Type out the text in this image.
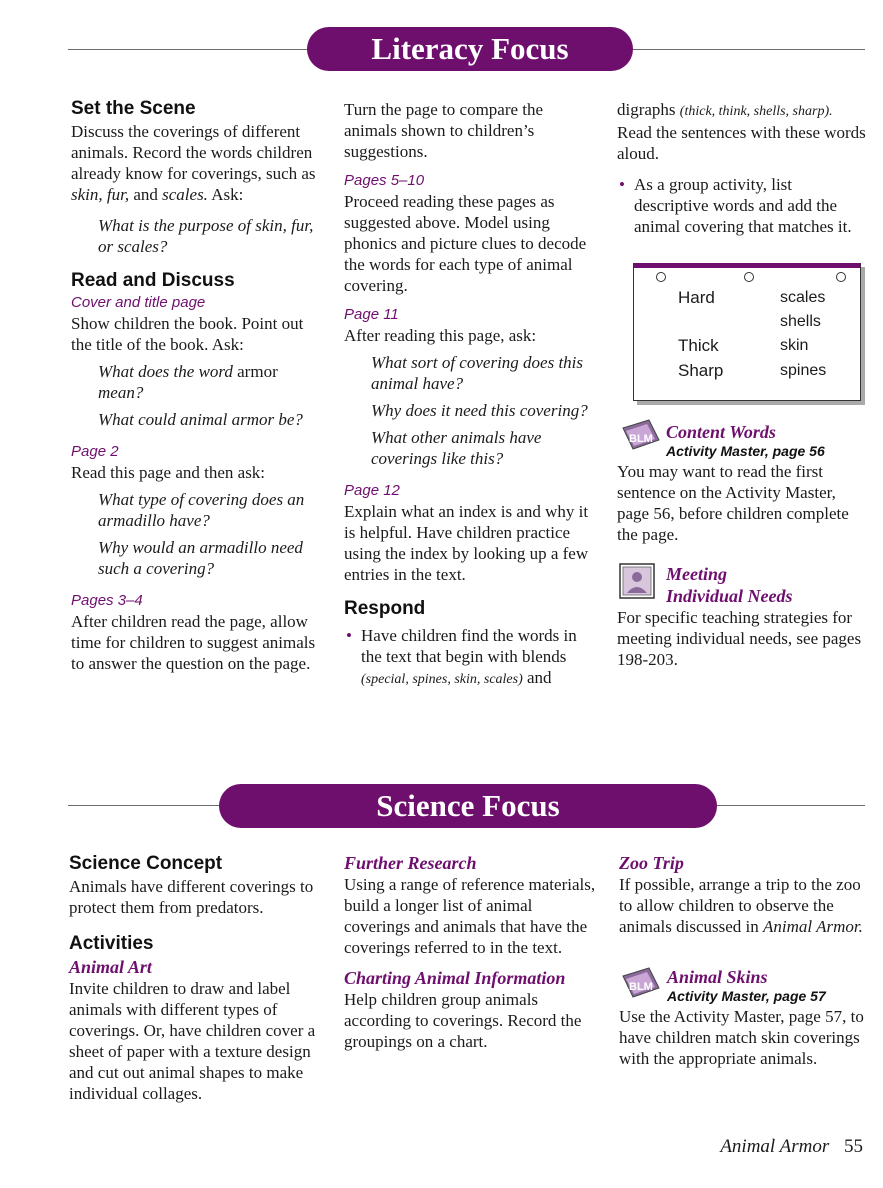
Literacy Focus
Set the Scene

Discuss the coverings of different animals. Record the words children already know for coverings, such as skin, fur, and scales. Ask:

What is the purpose of skin, fur, or scales?

Read and Discuss

Cover and title page

Show children the book. Point out the title of the book. Ask:

What does the word armor mean?

What could animal armor be?

Page 2

Read this page and then ask:

What type of covering does an armadillo have?

Why would an armadillo need such a covering?

Pages 3–4

After children read the page, allow time for children to suggest animals to answer the question on the page.

Turn the page to compare the animals shown to children’s suggestions.

Pages 5–10

Proceed reading these pages as suggested above. Model using phonics and picture clues to decode the words for each type of animal covering.

Page 11

After reading this page, ask:

What sort of covering does this animal have?

Why does it need this covering?

What other animals have coverings like this?

Page 12

Explain what an index is and why it is helpful. Have children practice using the index by looking up a few entries in the text.

Respond

• Have children find the words in the text that begin with blends (special, spines, skin, scales) and

digraphs (thick, think, shells, sharp). Read the sentences with these words aloud.

• As a group activity, list descriptive words and add the animal covering that matches it.

Hard
Thick
Sharp
scales
shells
skin
spines
BLM Content Words
Activity Master, page 56

You may want to read the first sentence on the Activity Master, page 56, before children complete the page.

Meeting
Individual Needs

For specific teaching strategies for meeting individual needs, see pages 198-203.

Science Focus
Science Concept

Animals have different coverings to protect them from predators.

Activities
Animal Art

Invite children to draw and label animals with different types of coverings. Or, have children cover a sheet of paper with a texture design and cut out animal shapes to make individual collages.

Further Research

Using a range of reference materials, build a longer list of animal coverings and animals that have the coverings referred to in the text.

Charting Animal Information

Help children group animals according to coverings. Record the groupings on a chart.

Zoo Trip

If possible, arrange a trip to the zoo to allow children to observe the animals discussed in Animal Armor.

BLM Animal Skins
Activity Master, page 57

Use the Activity Master, page 57, to have children match skin coverings with the appropriate animals.

Animal Armor 55
